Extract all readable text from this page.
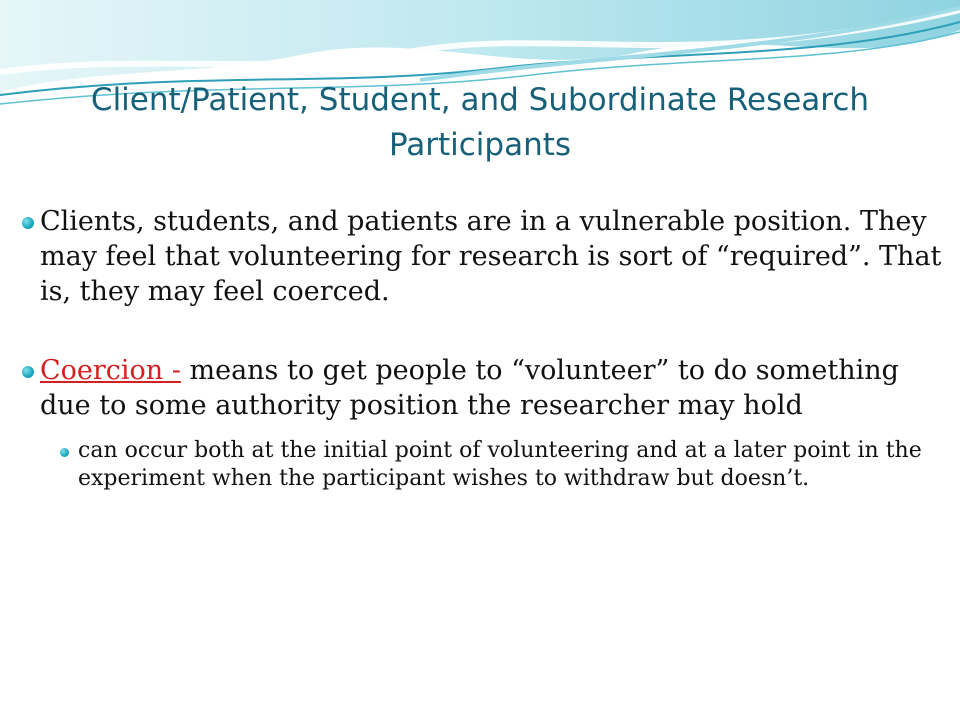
Client/Patient, Student, and Subordinate Research Participants
Clients, students, and patients are in a vulnerable position. They may feel that volunteering for research is sort of “required”. That is, they may feel coerced.
Coercion - means to get people to “volunteer” to do something due to some authority position the researcher may hold
can occur both at the initial point of volunteering and at a later point in the experiment when the participant wishes to withdraw but doesn’t.
